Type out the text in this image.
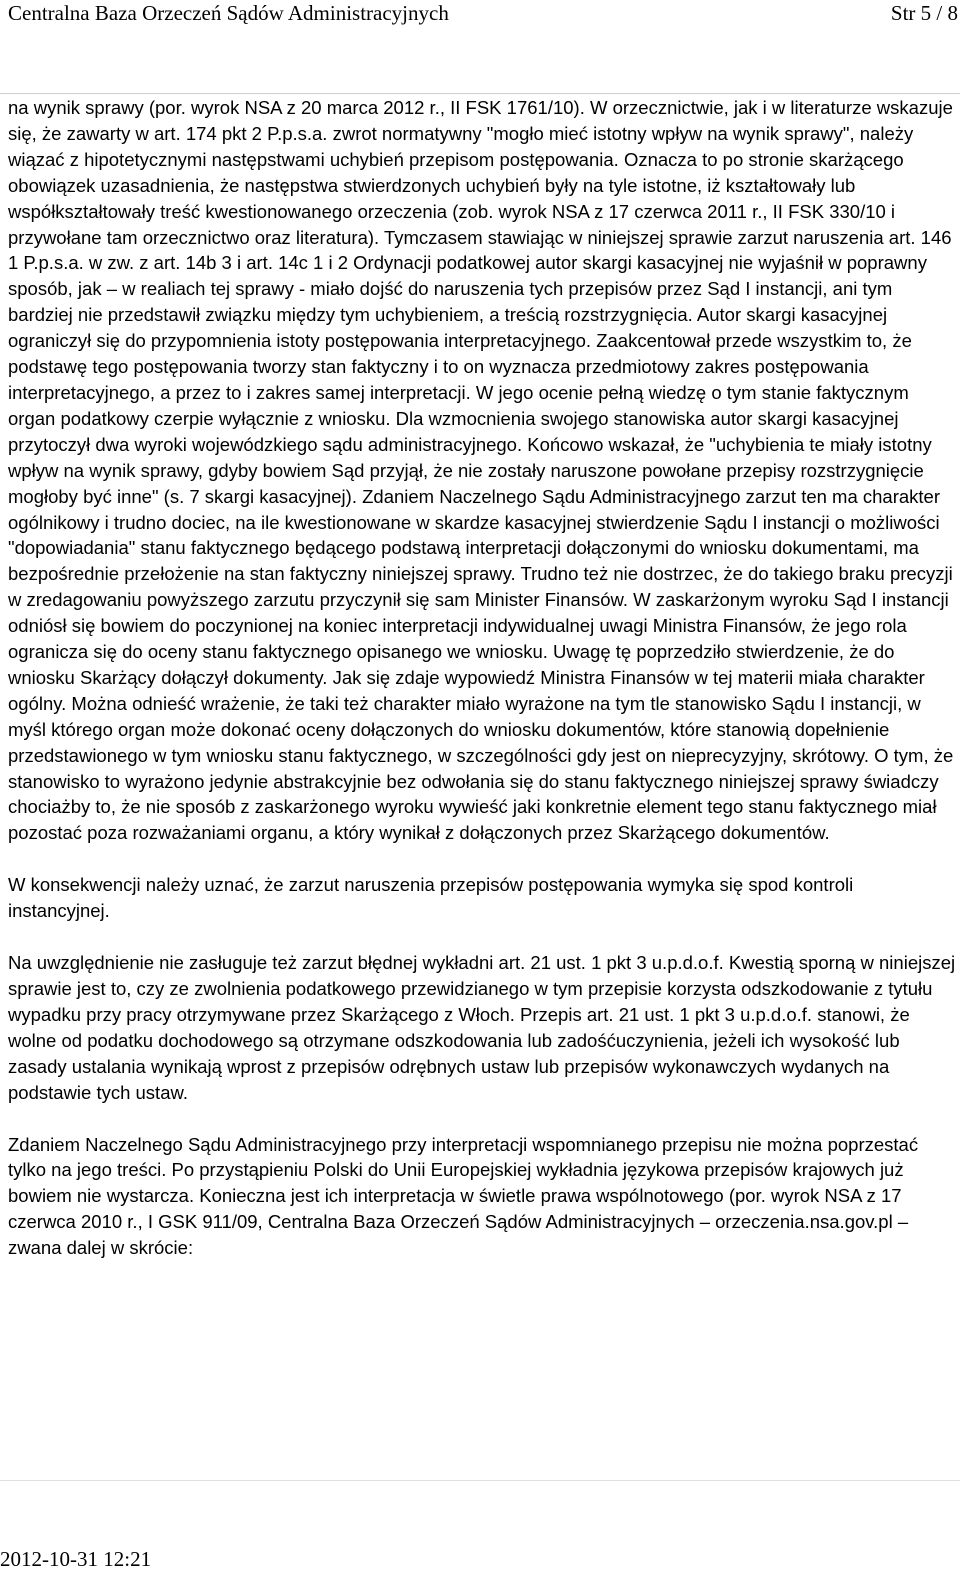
Centralna Baza Orzeczeń Sądów Administracyjnych	Str 5 / 8

na wynik sprawy (por. wyrok NSA z 20 marca 2012 r., II FSK 1761/10). W orzecznictwie, jak i w literaturze wskazuje się, że zawarty w art. 174 pkt 2 P.p.s.a. zwrot normatywny "mogło mieć istotny wpływ na wynik sprawy", należy wiązać z hipotetycznymi następstwami uchybień przepisom postępowania. Oznacza to po stronie skarżącego obowiązek uzasadnienia, że następstwa stwierdzonych uchybień były na tyle istotne, iż kształtowały lub współkształtowały treść kwestionowanego orzeczenia (zob. wyrok NSA z 17 czerwca 2011 r., II FSK 330/10 i przywołane tam orzecznictwo oraz literatura). Tymczasem stawiając w niniejszej sprawie zarzut naruszenia art. 146 1 P.p.s.a. w zw. z art. 14b 3 i art. 14c 1 i 2 Ordynacji podatkowej autor skargi kasacyjnej nie wyjaśnił w poprawny sposób, jak – w realiach tej sprawy - miało dojść do naruszenia tych przepisów przez Sąd I instancji, ani tym bardziej nie przedstawił związku między tym uchybieniem, a treścią rozstrzygnięcia. Autor skargi kasacyjnej ograniczył się do przypomnienia istoty postępowania interpretacyjnego. Zaakcentował przede wszystkim to, że podstawę tego postępowania tworzy stan faktyczny i to on wyznacza przedmiotowy zakres postępowania interpretacyjnego, a przez to i zakres samej interpretacji. W jego ocenie pełną wiedzę o tym stanie faktycznym organ podatkowy czerpie wyłącznie z wniosku. Dla wzmocnienia swojego stanowiska autor skargi kasacyjnej przytoczył dwa wyroki wojewódzkiego sądu administracyjnego. Końcowo wskazał, że "uchybienia te miały istotny wpływ na wynik sprawy, gdyby bowiem Sąd przyjął, że nie zostały naruszone powołane przepisy rozstrzygnięcie mogłoby być inne" (s. 7 skargi kasacyjnej). Zdaniem Naczelnego Sądu Administracyjnego zarzut ten ma charakter ogólnikowy i trudno dociec, na ile kwestionowane w skardze kasacyjnej stwierdzenie Sądu I instancji o możliwości "dopowiadania" stanu faktycznego będącego podstawą interpretacji dołączonymi do wniosku dokumentami, ma bezpośrednie przełożenie na stan faktyczny niniejszej sprawy. Trudno też nie dostrzec, że do takiego braku precyzji w zredagowaniu powyższego zarzutu przyczynił się sam Minister Finansów. W zaskarżonym wyroku Sąd I instancji odniósł się bowiem do poczynionej na koniec interpretacji indywidualnej uwagi Ministra Finansów, że jego rola ogranicza się do oceny stanu faktycznego opisanego we wniosku. Uwagę tę poprzedziło stwierdzenie, że do wniosku Skarżący dołączył dokumenty. Jak się zdaje wypowiedź Ministra Finansów w tej materii miała charakter ogólny. Można odnieść wrażenie, że taki też charakter miało wyrażone na tym tle stanowisko Sądu I instancji, w myśl którego organ może dokonać oceny dołączonych do wniosku dokumentów, które stanowią dopełnienie przedstawionego w tym wniosku stanu faktycznego, w szczególności gdy jest on nieprecyzyjny, skrótowy. O tym, że stanowisko to wyrażono jedynie abstrakcyjnie bez odwołania się do stanu faktycznego niniejszej sprawy świadczy chociażby to, że nie sposób z zaskarżonego wyroku wywieść jaki konkretnie element tego stanu faktycznego miał pozostać poza rozważaniami organu, a który wynikał z dołączonych przez Skarżącego dokumentów.

W konsekwencji należy uznać, że zarzut naruszenia przepisów postępowania wymyka się spod kontroli instancyjnej.

Na uwzględnienie nie zasługuje też zarzut błędnej wykładni art. 21 ust. 1 pkt 3 u.p.d.o.f. Kwestią sporną w niniejszej sprawie jest to, czy ze zwolnienia podatkowego przewidzianego w tym przepisie korzysta odszkodowanie z tytułu wypadku przy pracy otrzymywane przez Skarżącego z Włoch. Przepis art. 21 ust. 1 pkt 3 u.p.d.o.f. stanowi, że wolne od podatku dochodowego są otrzymane odszkodowania lub zadośćuczynienia, jeżeli ich wysokość lub zasady ustalania wynikają wprost z przepisów odrębnych ustaw lub przepisów wykonawczych wydanych na podstawie tych ustaw.

Zdaniem Naczelnego Sądu Administracyjnego przy interpretacji wspomnianego przepisu nie można poprzestać tylko na jego treści. Po przystąpieniu Polski do Unii Europejskiej wykładnia językowa przepisów krajowych już bowiem nie wystarcza. Konieczna jest ich interpretacja w świetle prawa wspólnotowego (por. wyrok NSA z 17 czerwca 2010 r., I GSK 911/09, Centralna Baza Orzeczeń Sądów Administracyjnych – orzeczenia.nsa.gov.pl – zwana dalej w skrócie:

2012-10-31 12:21
